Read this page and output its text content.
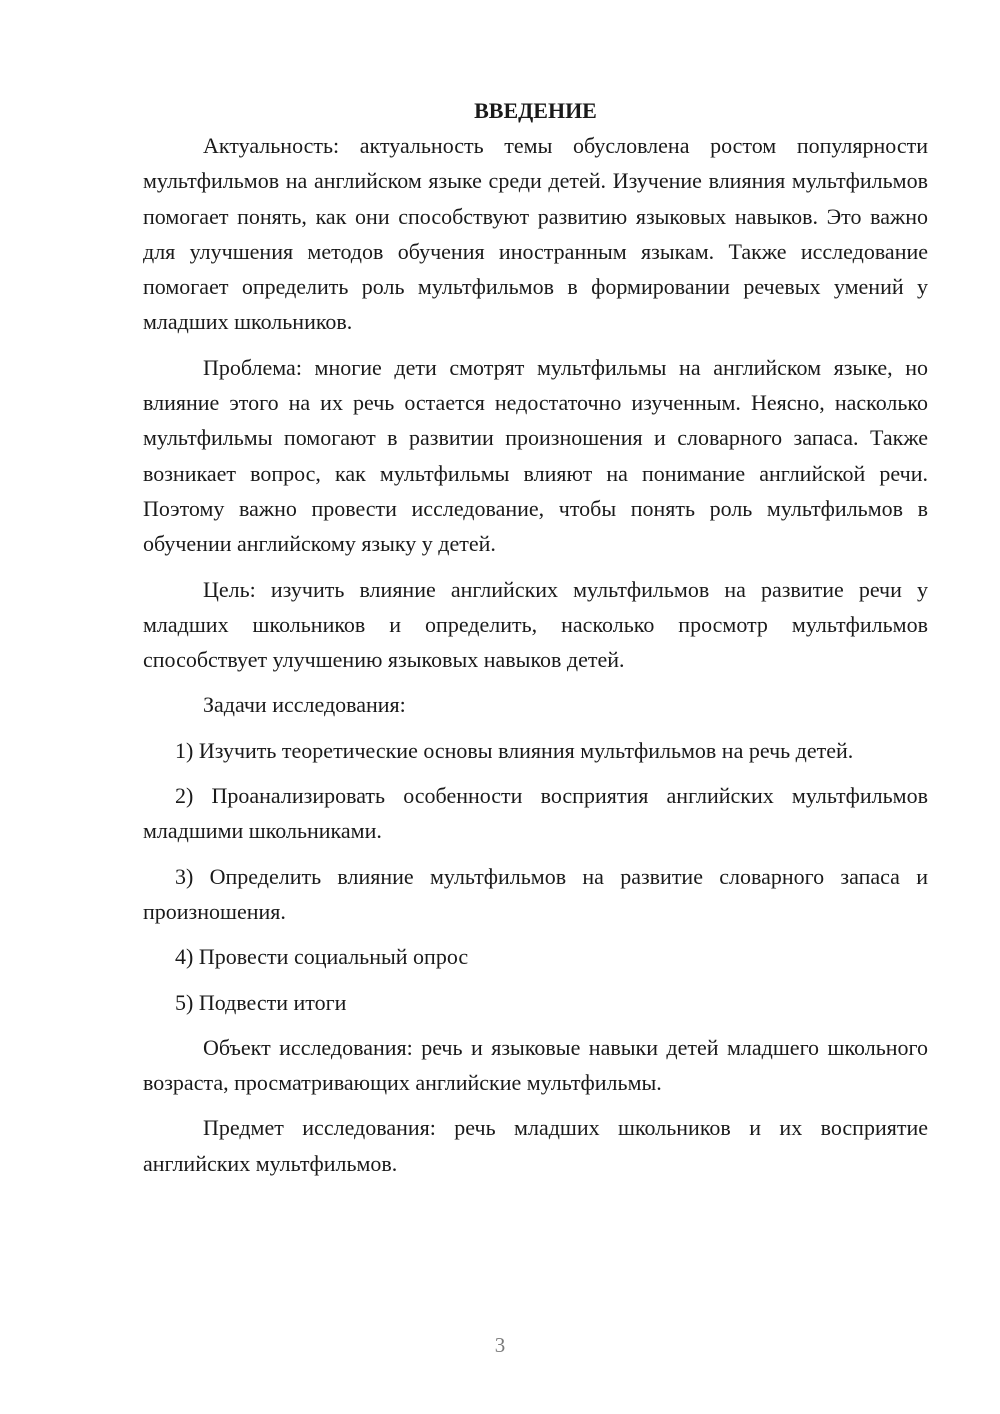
ВВЕДЕНИЕ

Актуальность: актуальность темы обусловлена ростом популярности мультфильмов на английском языке среди детей. Изучение влияния мультфильмов помогает понять, как они способствуют развитию языковых навыков. Это важно для улучшения методов обучения иностранным языкам. Также исследование помогает определить роль мультфильмов в формировании речевых умений у младших школьников.

Проблема: многие дети смотрят мультфильмы на английском языке, но влияние этого на их речь остается недостаточно изученным. Неясно, насколько мультфильмы помогают в развитии произношения и словарного запаса. Также возникает вопрос, как мультфильмы влияют на понимание английской речи. Поэтому важно провести исследование, чтобы понять роль мультфильмов в обучении английскому языку у детей.

Цель: изучить влияние английских мультфильмов на развитие речи у младших школьников и определить, насколько просмотр мультфильмов способствует улучшению языковых навыков детей.

Задачи исследования:

1) Изучить теоретические основы влияния мультфильмов на речь детей.

2) Проанализировать особенности восприятия английских мультфильмов младшими школьниками.

3) Определить влияние мультфильмов на развитие словарного запаса и произношения.

4) Провести социальный опрос

5) Подвести итоги

Объект исследования: речь и языковые навыки детей младшего школьного возраста, просматривающих английские мультфильмы.

Предмет исследования: речь младших школьников и их восприятие английских мультфильмов.

3
